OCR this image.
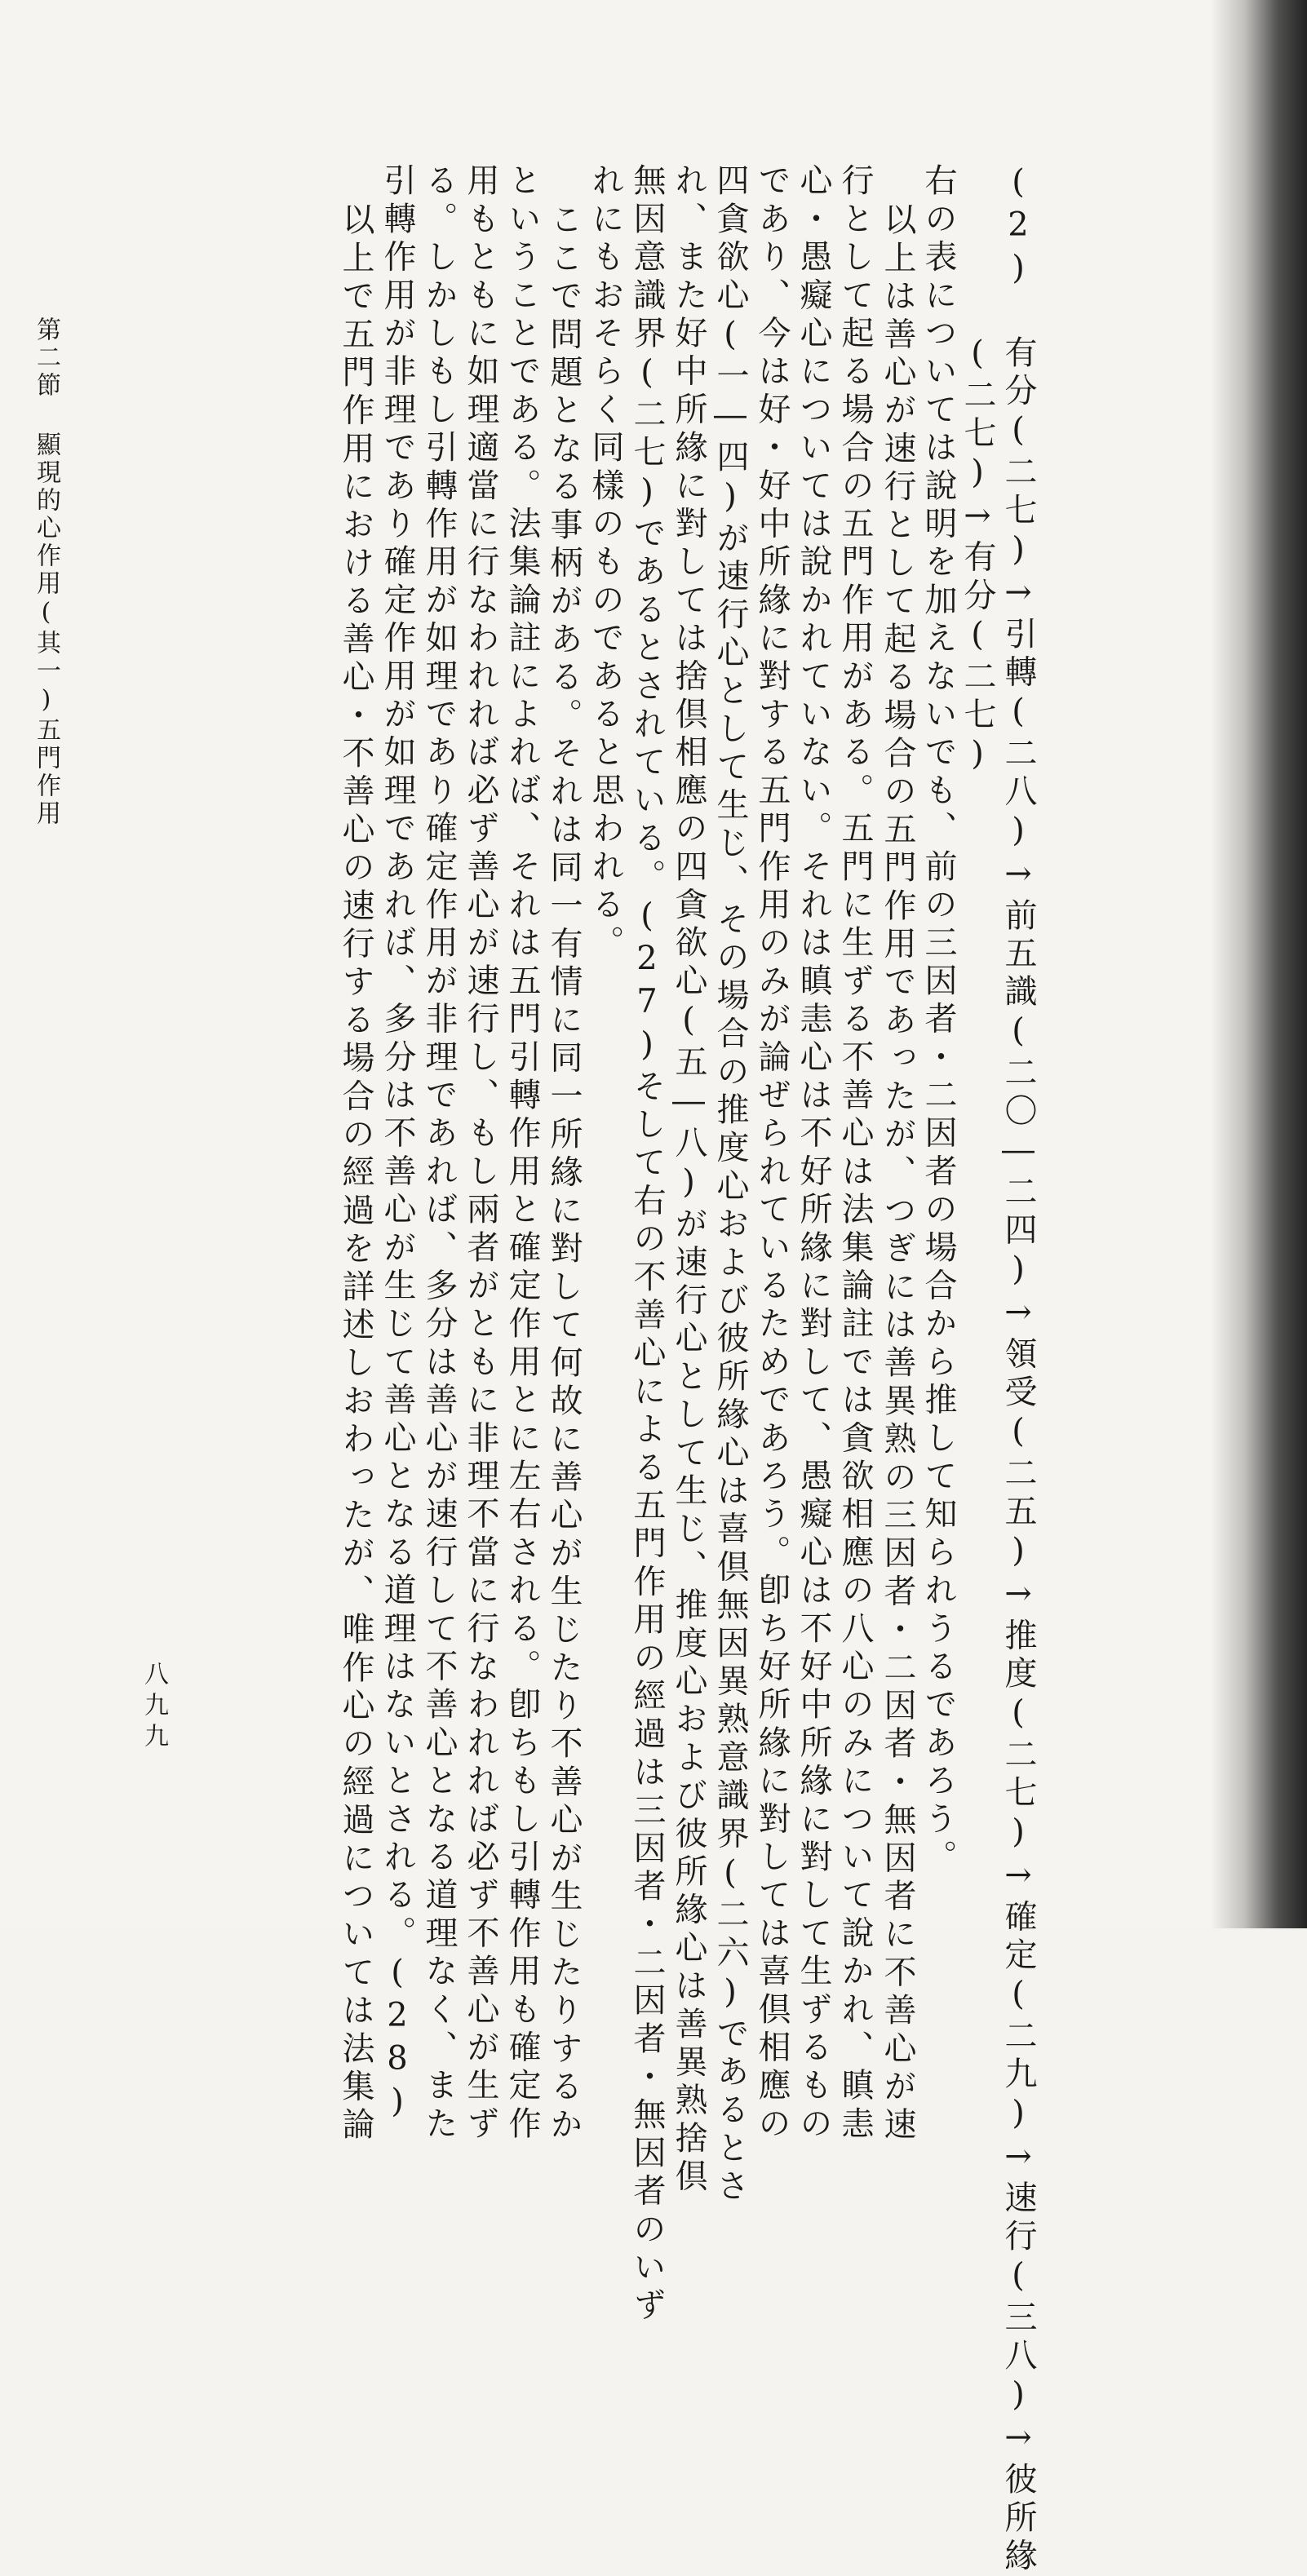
(2) 有分(二七)→引轉(二八)→前五識(二〇―二四)→領受(二五)→推度(二七)→確定(二九)→速行(三八)→彼所緣
(二七)→有分(二七)
右の表については說明を加えないでも、前の三因者・二因者の場合から推して知られうるであろう。
以上は善心が速行として起る場合の五門作用であったが、つぎには善異熟の三因者・二因者・無因者に不善心が速
行として起る場合の五門作用がある。五門に生ずる不善心は法集論註では貪欲相應の八心のみについて說かれ、瞋恚
心・愚癡心については說かれていない。それは瞋恚心は不好所緣に對して、愚癡心は不好中所緣に對して生ずるもの
であり、今は好・好中所緣に對する五門作用のみが論ぜられているためであろう。卽ち好所緣に對しては喜倶相應の
四貪欲心(一―四)が速行心として生じ、その場合の推度心および彼所緣心は喜倶無因異熟意識界(二六)であるとさ
れ、また好中所緣に對しては捨倶相應の四貪欲心(五―八)が速行心として生じ、推度心および彼所緣心は善異熟捨倶
無因意識界(二七)であるとされている。(27)そして右の不善心による五門作用の經過は三因者・二因者・無因者のいず
れにもおそらく同樣のものであると思われる。
ここで問題となる事柄がある。それは同一有情に同一所緣に對して何故に善心が生じたり不善心が生じたりするか
ということである。法集論註によれば、それは五門引轉作用と確定作用とに左右される。卽ちもし引轉作用も確定作
用もともに如理適當に行なわれれば必ず善心が速行し、もし兩者がともに非理不當に行なわれれば必ず不善心が生ず
る。しかしもし引轉作用が如理であり確定作用が非理であれば、多分は善心が速行して不善心となる道理なく、また
引轉作用が非理であり確定作用が如理であれば、多分は不善心が生じて善心となる道理はないとされる。(28)
以上で五門作用における善心・不善心の速行する場合の經過を詳述しおわったが、唯作心の經過については法集論
第二節 顯現的心作用(其一)五門作用
八九九
